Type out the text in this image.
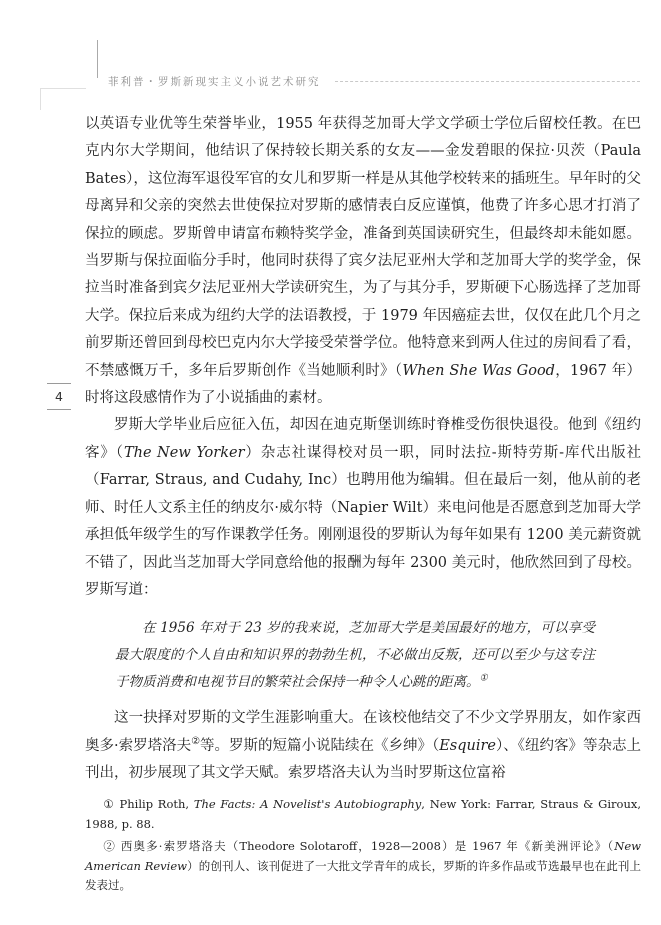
菲利普・罗斯新现实主义小说艺术研究
4

以英语专业优等生荣誉毕业，1955 年获得芝加哥大学文学硕士学位后留校任教。在巴克内尔大学期间，他结识了保持较长期关系的女友——金发碧眼的保拉·贝茨（Paula Bates），这位海军退役军官的女儿和罗斯一样是从其他学校转来的插班生。早年时的父母离异和父亲的突然去世使保拉对罗斯的感情表白反应谨慎，他费了许多心思才打消了保拉的顾虑。罗斯曾申请富布赖特奖学金，准备到英国读研究生，但最终却未能如愿。当罗斯与保拉面临分手时，他同时获得了宾夕法尼亚州大学和芝加哥大学的奖学金，保拉当时准备到宾夕法尼亚州大学读研究生，为了与其分手，罗斯硬下心肠选择了芝加哥大学。保拉后来成为纽约大学的法语教授，于 1979 年因癌症去世，仅仅在此几个月之前罗斯还曾回到母校巴克内尔大学接受荣誉学位。他特意来到两人住过的房间看了看，不禁感慨万千，多年后罗斯创作《当她顺利时》（When She Was Good，1967 年）时将这段感情作为了小说插曲的素材。

罗斯大学毕业后应征入伍，却因在迪克斯堡训练时脊椎受伤很快退役。他到《纽约客》（The New Yorker）杂志社谋得校对员一职，同时法拉-斯特劳斯-库代出版社（Farrar, Straus, and Cudahy, Inc）也聘用他为编辑。但在最后一刻，他从前的老师、时任人文系主任的纳皮尔·威尔特（Napier Wilt）来电问他是否愿意到芝加哥大学承担低年级学生的写作课教学任务。刚刚退役的罗斯认为每年如果有 1200 美元薪资就不错了，因此当芝加哥大学同意给他的报酬为每年 2300 美元时，他欣然回到了母校。罗斯写道：

在 1956 年对于 23 岁的我来说，芝加哥大学是美国最好的地方，可以享受最大限度的个人自由和知识界的勃勃生机，不必做出反叛，还可以至少与这专注于物质消费和电视节目的繁荣社会保持一种令人心跳的距离。①

这一抉择对罗斯的文学生涯影响重大。在该校他结交了不少文学界朋友，如作家西奥多·索罗塔洛夫②等。罗斯的短篇小说陆续在《乡绅》（Esquire）、《纽约客》等杂志上刊出，初步展现了其文学天赋。索罗塔洛夫认为当时罗斯这位富裕

① Philip Roth, The Facts: A Novelist's Autobiography, New York: Farrar, Straus & Giroux, 1988, p. 88.

② 西奥多·索罗塔洛夫（Theodore Solotaroff，1928—2008）是 1967 年《新美洲评论》（New American Review）的创刊人、该刊促进了一大批文学青年的成长，罗斯的许多作品或节选最早也在此刊上发表过。
